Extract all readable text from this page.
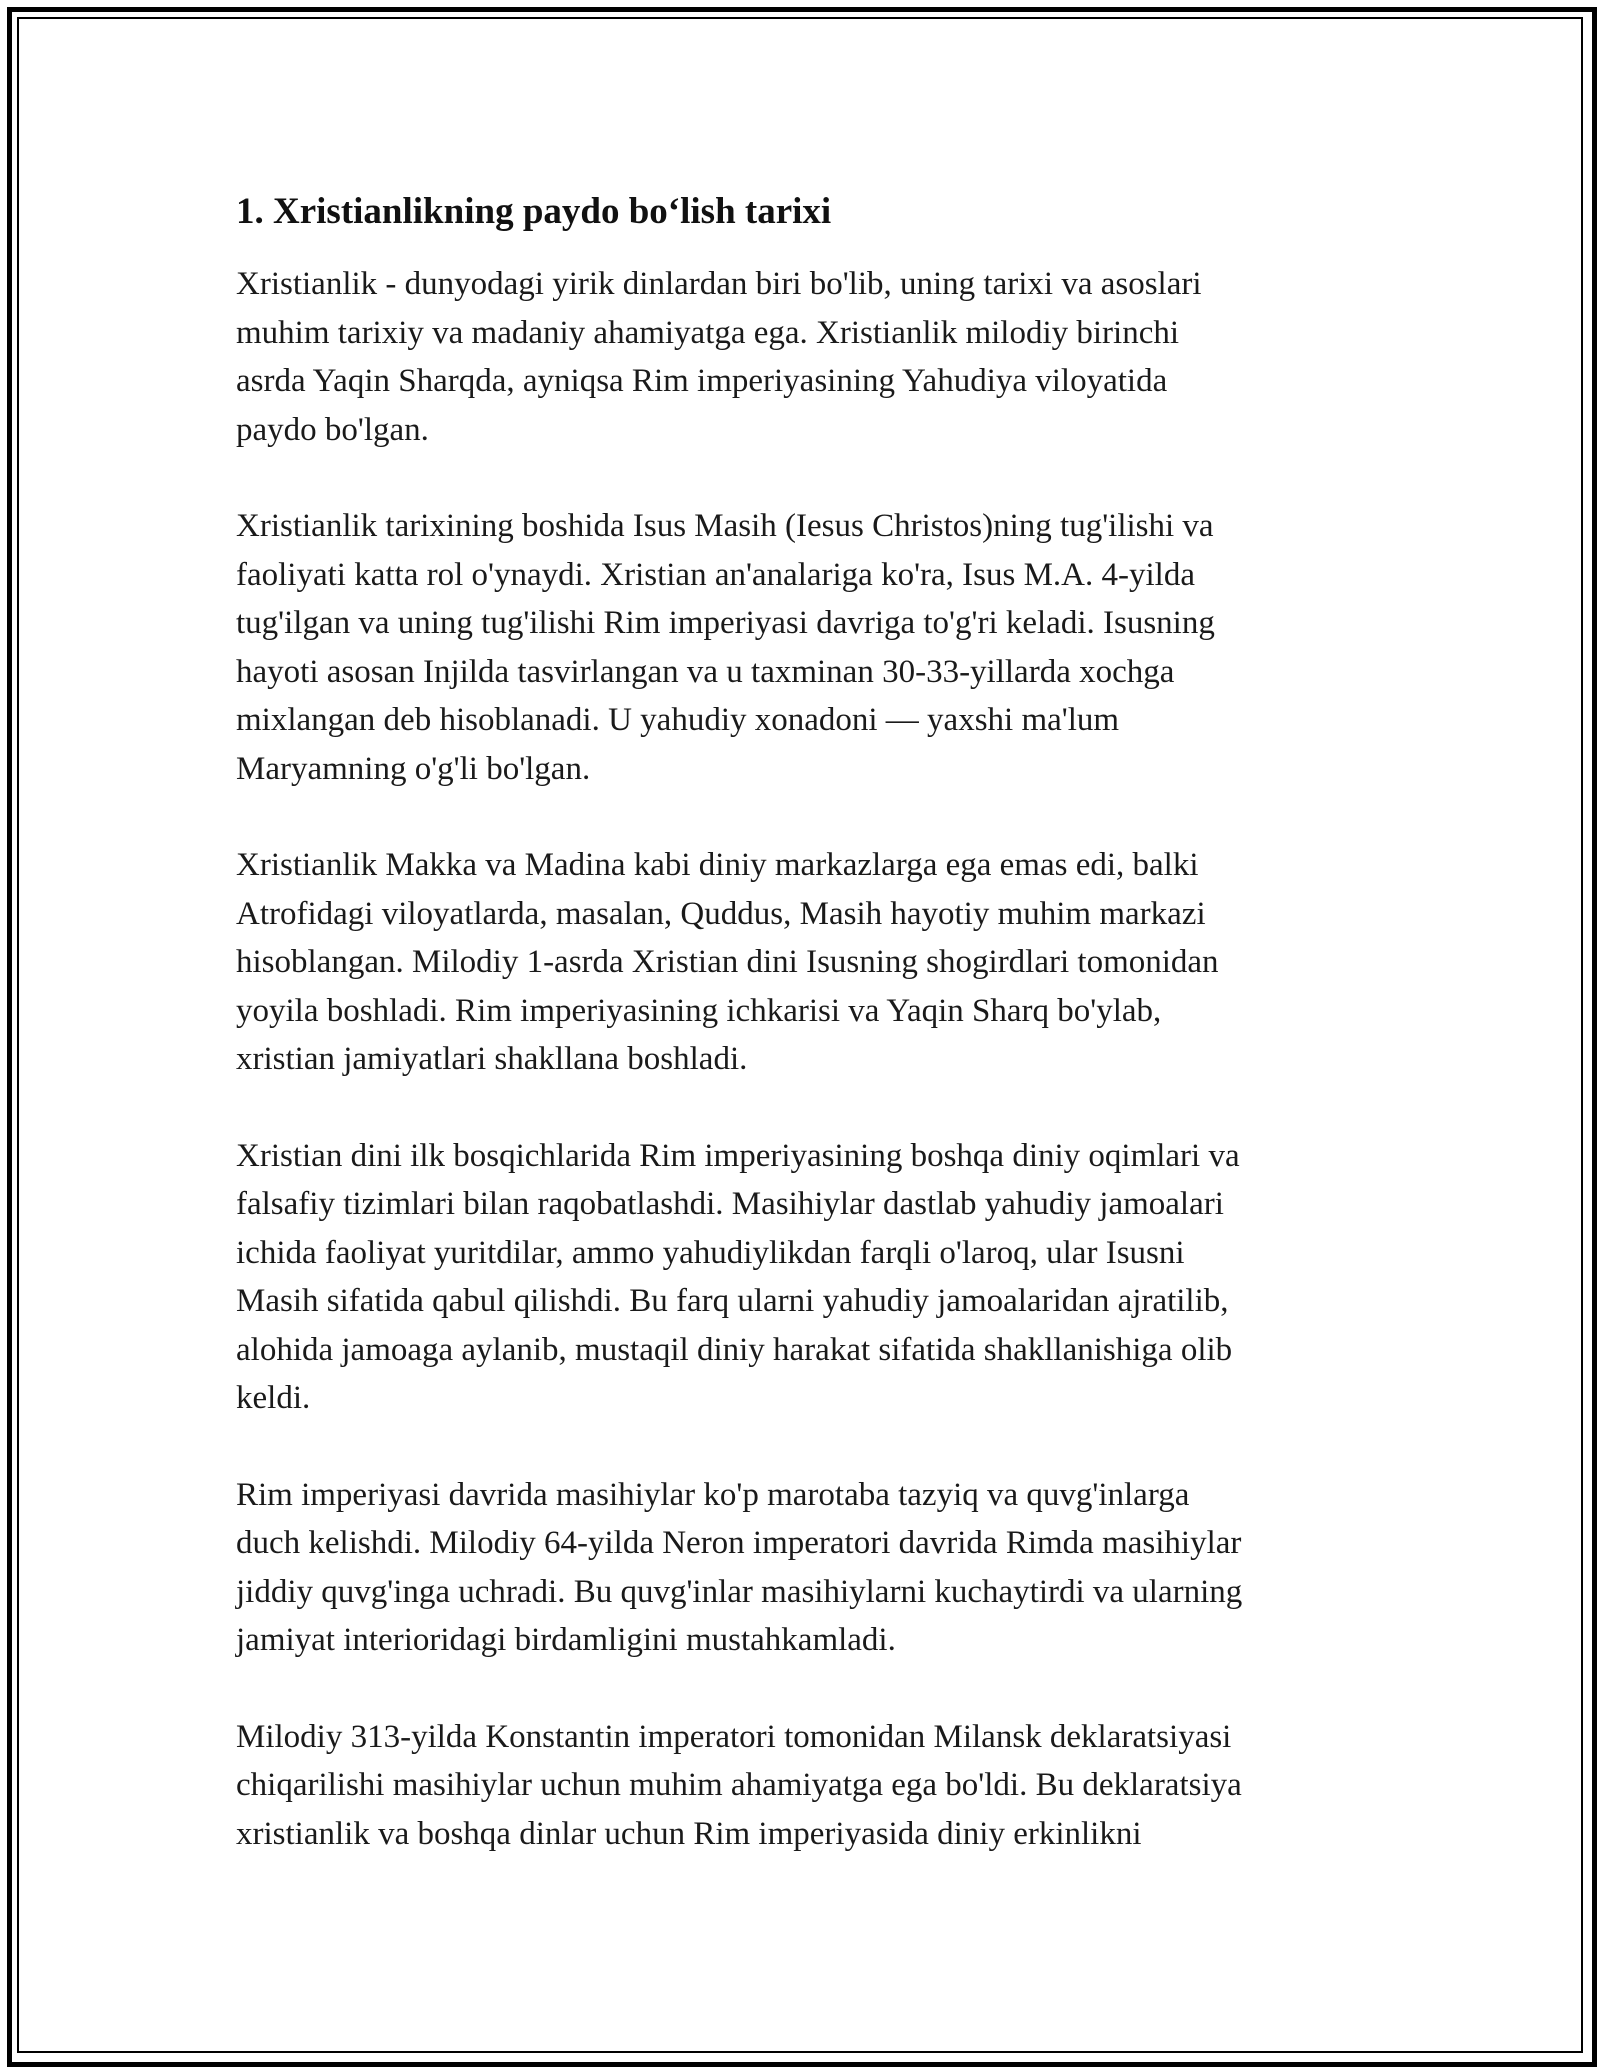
1. Xristianlikning paydo bo‘lish tarixi
Xristianlik - dunyodagi yirik dinlardan biri bo'lib, uning tarixi va asoslari
muhim tarixiy va madaniy ahamiyatga ega. Xristianlik milodiy birinchi
asrda Yaqin Sharqda, ayniqsa Rim imperiyasining Yahudiya viloyatida
paydo bo'lgan.
Xristianlik tarixining boshida Isus Masih (Iesus Christos)ning tug'ilishi va
faoliyati katta rol o'ynaydi. Xristian an'analariga ko'ra, Isus M.A. 4-yilda
tug'ilgan va uning tug'ilishi Rim imperiyasi davriga to'g'ri keladi. Isusning
hayoti asosan Injilda tasvirlangan va u taxminan 30-33-yillarda xochga
mixlangan deb hisoblanadi. U yahudiy xonadoni — yaxshi ma'lum
Maryamning o'g'li bo'lgan.
Xristianlik Makka va Madina kabi diniy markazlarga ega emas edi, balki
Atrofidagi viloyatlarda, masalan, Quddus, Masih hayotiy muhim markazi
hisoblangan. Milodiy 1-asrda Xristian dini Isusning shogirdlari tomonidan
yoyila boshladi. Rim imperiyasining ichkarisi va Yaqin Sharq bo'ylab,
xristian jamiyatlari shakllana boshladi.
Xristian dini ilk bosqichlarida Rim imperiyasining boshqa diniy oqimlari va
falsafiy tizimlari bilan raqobatlashdi. Masihiylar dastlab yahudiy jamoalari
ichida faoliyat yuritdilar, ammo yahudiylikdan farqli o'laroq, ular Isusni
Masih sifatida qabul qilishdi. Bu farq ularni yahudiy jamoalaridan ajratilib,
alohida jamoaga aylanib, mustaqil diniy harakat sifatida shakllanishiga olib
keldi.
Rim imperiyasi davrida masihiylar ko'p marotaba tazyiq va quvg'inlarga
duch kelishdi. Milodiy 64-yilda Neron imperatori davrida Rimda masihiylar
jiddiy quvg'inga uchradi. Bu quvg'inlar masihiylarni kuchaytirdi va ularning
jamiyat interioridagi birdamligini mustahkamladi.
Milodiy 313-yilda Konstantin imperatori tomonidan Milansk deklaratsiyasi
chiqarilishi masihiylar uchun muhim ahamiyatga ega bo'ldi. Bu deklaratsiya
xristianlik va boshqa dinlar uchun Rim imperiyasida diniy erkinlikni
